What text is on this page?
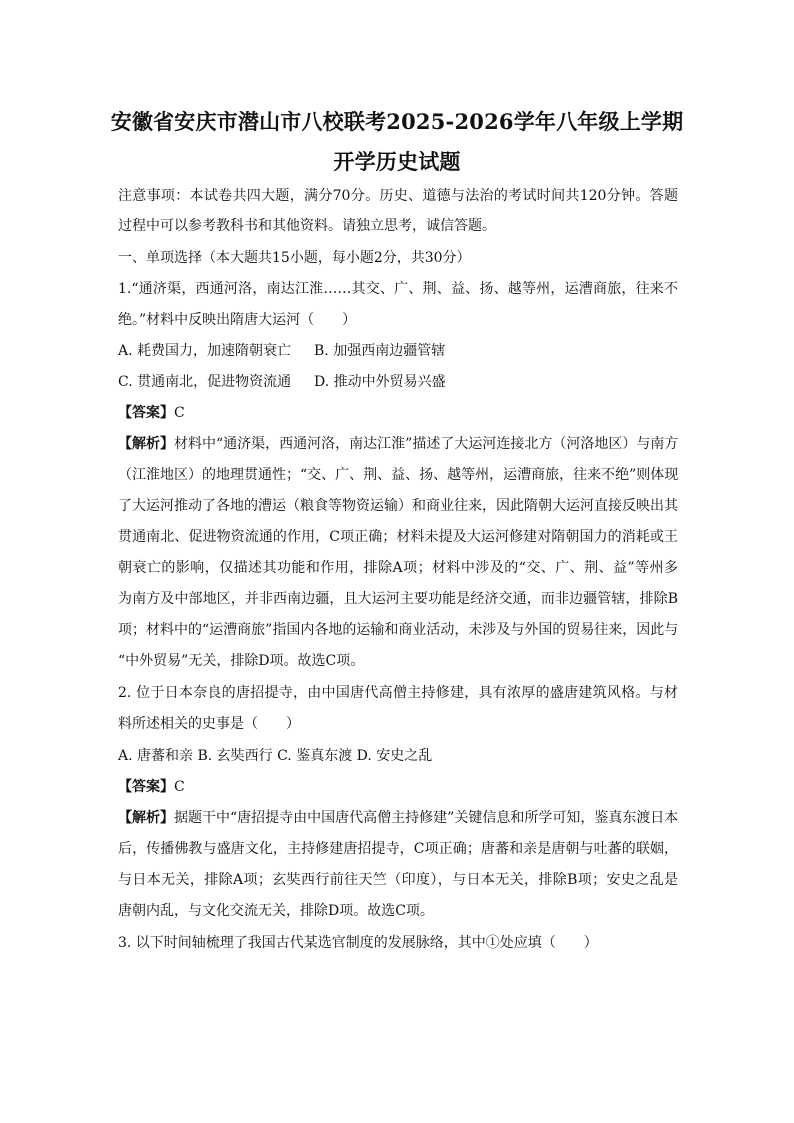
安徽省安庆市潜山市八校联考2025-2026学年八年级上学期
开学历史试题
注意事项：本试卷共四大题，满分70分。历史、道德与法治的考试时间共120分钟。答题
过程中可以参考教科书和其他资料。请独立思考，诚信答题。
一、单项选择（本大题共15小题，每小题2分，共30分）
1.“通济渠，西通河洛，南达江淮……其交、广、荆、益、扬、越等州，运漕商旅，往来不
绝。”材料中反映出隋唐大运河（　　）
A. 耗费国力，加速隋朝衰亡 B. 加强西南边疆管辖
C. 贯通南北，促进物资流通 D. 推动中外贸易兴盛
【答案】C
【解析】材料中“通济渠，西通河洛，南达江淮”描述了大运河连接北方（河洛地区）与南方
（江淮地区）的地理贯通性；“交、广、荆、益、扬、越等州，运漕商旅，往来不绝”则体现
了大运河推动了各地的漕运（粮食等物资运输）和商业往来，因此隋朝大运河直接反映出其
贯通南北、促进物资流通的作用，C项正确；材料未提及大运河修建对隋朝国力的消耗或王
朝衰亡的影响，仅描述其功能和作用，排除A项；材料中涉及的“交、广、荆、益”等州多
为南方及中部地区，并非西南边疆，且大运河主要功能是经济交通，而非边疆管辖，排除B
项；材料中的“运漕商旅”指国内各地的运输和商业活动，未涉及与外国的贸易往来，因此与
“中外贸易”无关，排除D项。故选C项。
2. 位于日本奈良的唐招提寺，由中国唐代高僧主持修建，具有浓厚的盛唐建筑风格。与材
料所述相关的史事是（　　）
A. 唐蕃和亲 B. 玄奘西行 C. 鉴真东渡 D. 安史之乱
【答案】C
【解析】据题干中“唐招提寺由中国唐代高僧主持修建”关键信息和所学可知，鉴真东渡日本
后，传播佛教与盛唐文化，主持修建唐招提寺，C项正确；唐蕃和亲是唐朝与吐蕃的联姻，
与日本无关，排除A项；玄奘西行前往天竺（印度），与日本无关，排除B项；安史之乱是
唐朝内乱，与文化交流无关，排除D项。故选C项。
3. 以下时间轴梳理了我国古代某选官制度的发展脉络，其中①处应填（　　）
